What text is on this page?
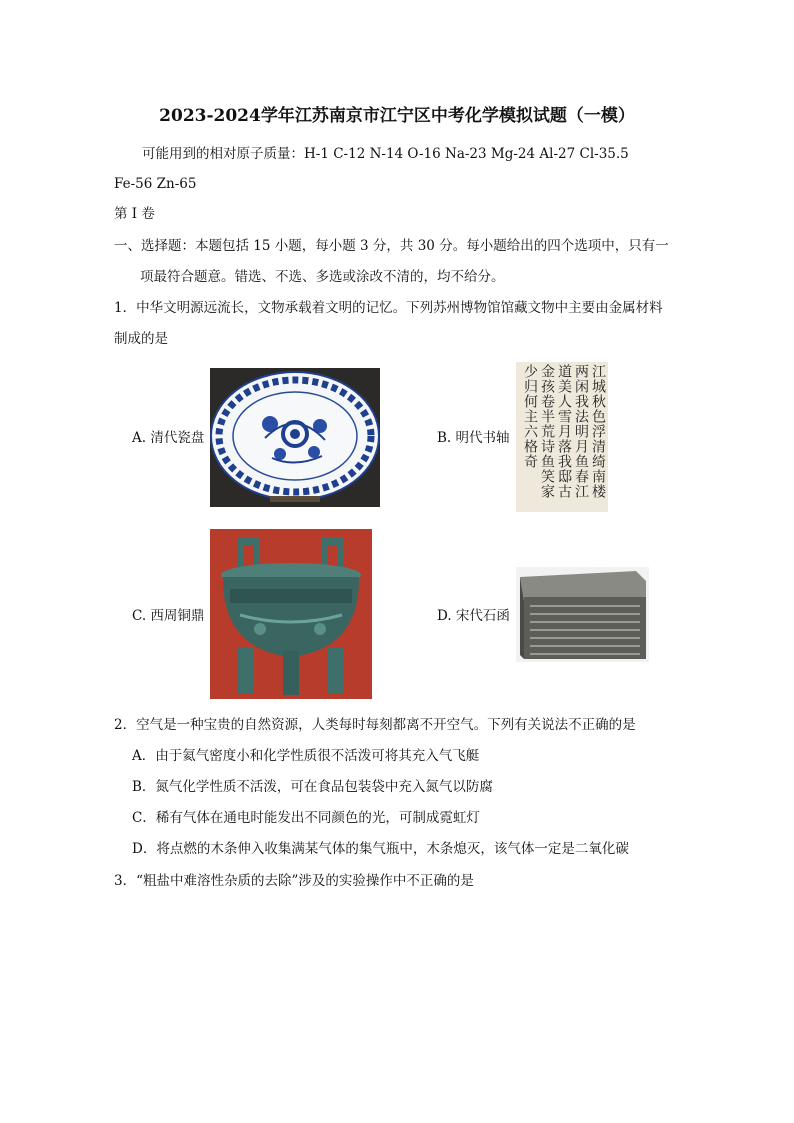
2023-2024学年江苏南京市江宁区中考化学模拟试题（一模）
可能用到的相对原子质量：H-1 C-12 N-14 O-16 Na-23 Mg-24 Al-27 Cl-35.5
Fe-56 Zn-65
第 I 卷
一、选择题：本题包括 15 小题，每小题 3 分，共 30 分。每小题给出的四个选项中，只有一
项最符合题意。错选、不选、多选或涂改不清的，均不给分。
1．中华文明源远流长，文物承载着文明的记忆。下列苏州博物馆馆藏文物中主要由金属材料
制成的是
A. 清代瓷盘	B. 明代书轴	江城秋色浮清绮南楼两闲我法明月鱼春江道美人雪月落我邸古金孩卷半荒诗鱼笑家少归何主六格奇
C. 西周铜鼎	D. 宋代石函
2．空气是一种宝贵的自然资源，人类每时每刻都离不开空气。下列有关说法不正确的是
A．由于氦气密度小和化学性质很不活泼可将其充入气飞艇
B．氮气化学性质不活泼，可在食品包装袋中充入氮气以防腐
C．稀有气体在通电时能发出不同颜色的光，可制成霓虹灯
D．将点燃的木条伸入收集满某气体的集气瓶中，木条熄灭，该气体一定是二氧化碳
3．“粗盐中难溶性杂质的去除”涉及的实验操作中不正确的是
